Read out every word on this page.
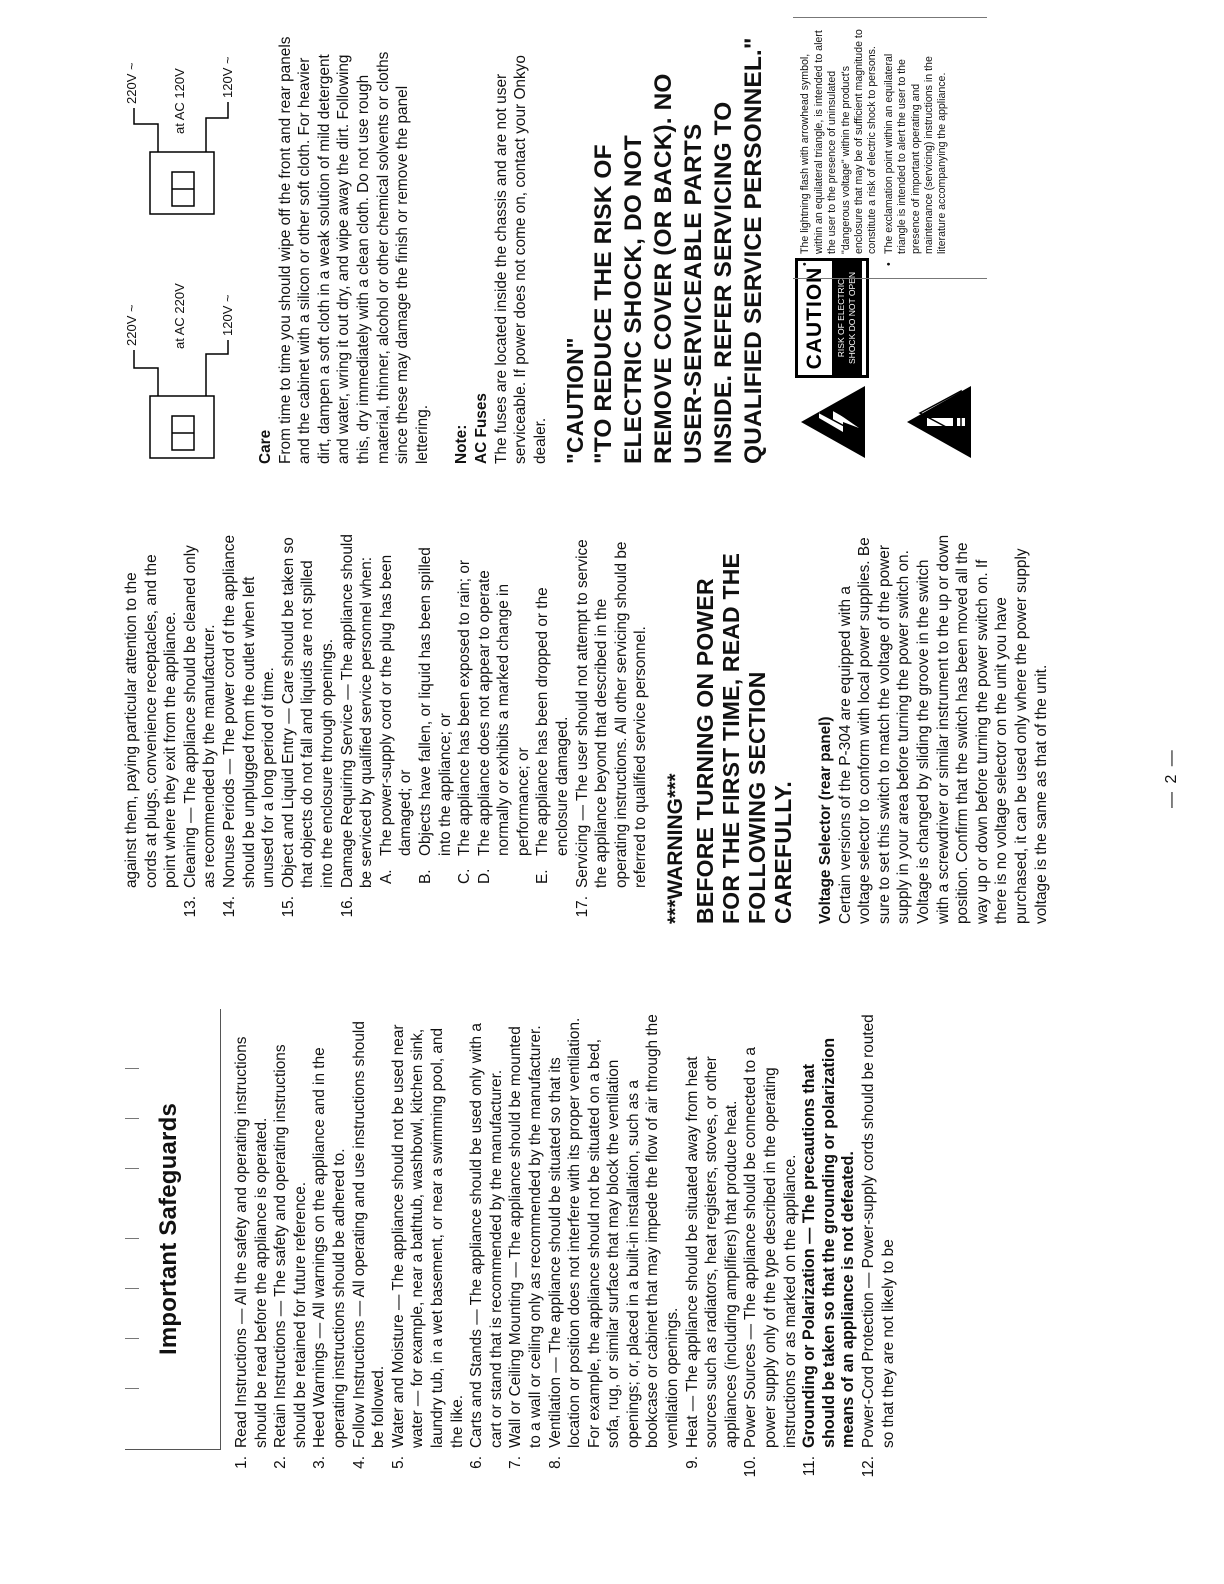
Important Safeguards
1 .
Read Instructions — All the safety and operating instructions should be read before the appliance is operated.
2 .
Retain Instructions — The safety and operating instructions should be retained for future reference.
3 .
Heed Warnings — All warnings on the appliance and in the operating instructions should be adhered to.
4 .
Follow Instructions — All operating and use instructions should be followed.
5 .
Water and Moisture — The appliance should not be used near water — for example, near a bathtub, washbowl, kitchen sink, laundry tub, in a wet basement, or near a swimming pool, and the like.
6 .
Carts and Stands — The appliance should be used only with a cart or stand that is recommended by the manufacturer.
7 .
Wall or Ceiling Mounting — The appliance should be mounted to a wall or ceiling only as recommended by the manufacturer.
8 .
Ventilation — The appliance should be situated so that its location or position does not interfere with its proper ventilation. For example, the appliance should not be situated on a bed, sofa, rug, or similar surface that may block the ventilation openings; or, placed in a built-in installation, such as a bookcase or cabinet that may impede the flow of air through the ventilation openings.
9 .
Heat — The appliance should be situated away from heat sources such as radiators, heat registers, stoves, or other appliances (including amplifiers) that produce heat.
10 .
Power Sources — The appliance should be connected to a power supply only of the type described in the operating instructions or as marked on the appliance.
11 .
Grounding or Polarization — The precautions that should be taken so that the grounding or polarization means of an appliance is not defeated.
12 .
Power-Cord Protection — Power-supply cords should be routed so that they are not likely to be

against them, paying particular attention to the cords at plugs, convenience receptacles, and the point where they exit from the appliance.

13 .
Cleaning — The appliance should be cleaned only as recommended by the manufacturer.
14 .
Nonuse Periods — The power cord of the appliance should be unplugged from the outlet when left unused for a long period of time.
15 .
Object and Liquid Entry — Care should be taken so that objects do not fall and liquids are not spilled into the enclosure through openings.
16 .
Damage Requiring Service — The appliance should be serviced by qualified service personnel when: A .
The power-supply cord or the plug has been damaged; or
B .
Objects have fallen, or liquid has been spilled into the appliance; or
C .
The appliance has been exposed to rain; or
D .
The appliance does not appear to operate normally or exhibits a marked change in performance; or
E .
The appliance has been dropped or the enclosure damaged.
17 .
Servicing — The user should not attempt to service the appliance beyond that described in the operating instructions. All other servicing should be referred to qualified service personnel. ***WARNING*** BEFORE TURNING ON POWER FOR THE FIRST TIME, READ THE FOLLOWING SECTION CAREFULLY. Voltage Selector (rear panel) Certain versions of the P-304 are equipped with a voltage selector to conform with local power supplies. Be sure to set this switch to match the voltage of the power supply in your area before turning the power switch on. Voltage is changed by sliding the groove in the switch with a screwdriver or similar instrument to the up or down position. Confirm that the switch has been moved all the way up or down before turning the power switch on. If there is no voltage selector on the unit you have purchased, it can be used only where the power supply voltage is the same as that of the unit.	— 2 —
220V ~	120V ~
at AC 220V
220V ~	120V ~
at AC 120V
Care From time to time you should wipe off the front and rear panels and the cabinet with a silicon or other soft cloth. For heavier dirt, dampen a soft cloth in a weak solution of mild detergent and water, wring it out dry, and wipe away the dirt. Following this, dry immediately with a clean cloth. Do not use rough material, thinner, alcohol or other chemical solvents or cloths since these may damage the finish or remove the panel lettering. Note: AC Fuses The fuses are located inside the chassis and are not user serviceable. If power does not come on, contact your Onkyo dealer. "CAUTION" "TO REDUCE THE RISK OF ELECTRIC SHOCK, DO NOT REMOVE COVER (OR BACK). NO USER-SERVICEABLE PARTS INSIDE. REFER SERVICING TO QUALIFIED SERVICE PERSONNEL." CAUTION	RISK OF ELECTRIC SHOCK DO NOT OPEN
• The lightning flash with arrowhead symbol, within an equilateral triangle, is intended to alert the user to the presence of uninsulated "dangerous voltage" within the product's enclosure that may be of sufficient magnitude to constitute a risk of electric shock to persons.
• The exclamation point within an equilateral triangle is intended to alert the user to the presence of important operating and maintenance (servicing) instructions in the literature accompanying the appliance.
